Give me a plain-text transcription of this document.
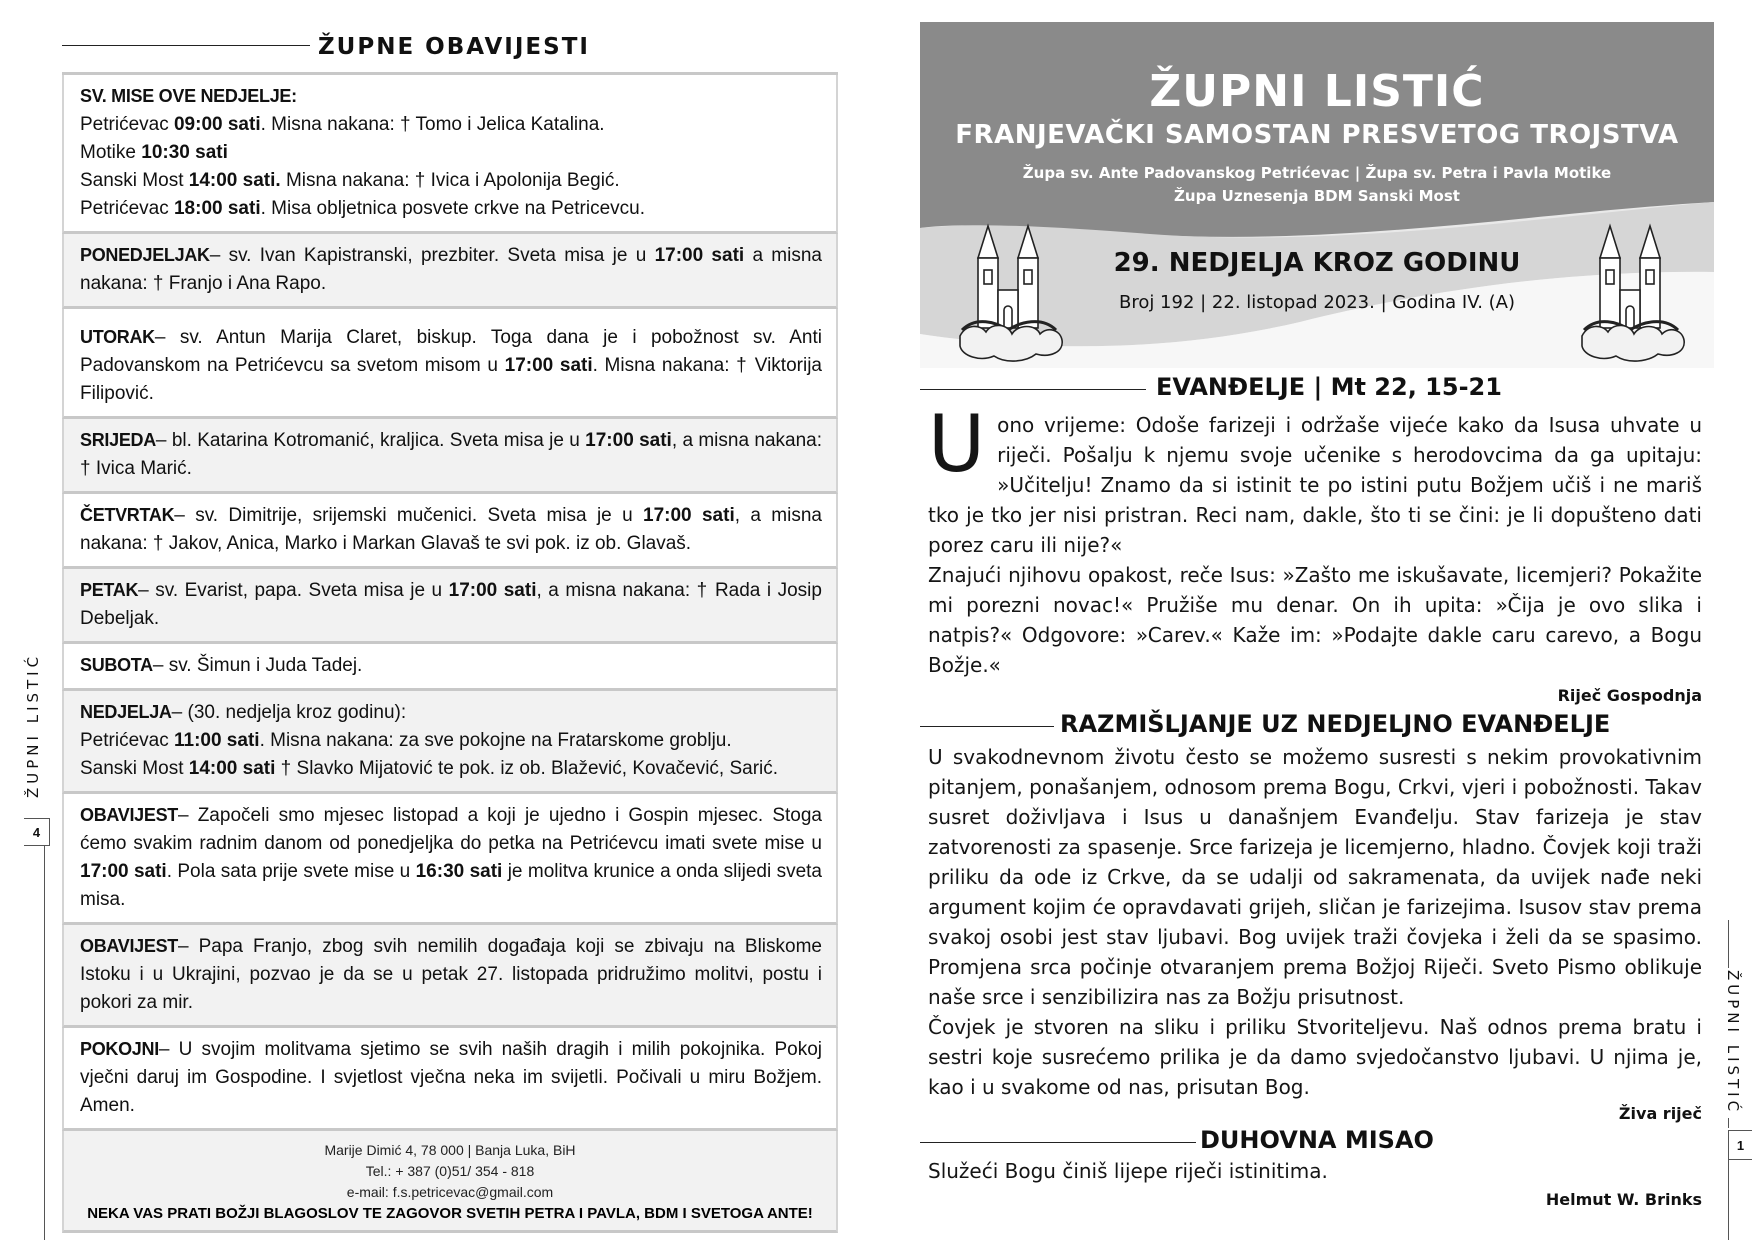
ŽUPNE OBAVIJESTI
SV. MISE OVE NEDJELJE:
Petrićevac 09:00 sati. Misna nakana: † Tomo i Jelica Katalina.
Motike 10:30 sati
Sanski Most 14:00 sati. Misna nakana: † Ivica i Apolonija Begić.
Petrićevac 18:00 sati. Misa obljetnica posvete crkve na Petricevcu.
PONEDJELJAK– sv. Ivan Kapistranski, prezbiter. Sveta misa je u 17:00 sati a misna nakana: † Franjo i Ana Rapo.
UTORAK– sv. Antun Marija Claret, biskup. Toga dana je i pobožnost sv. Anti Padovanskom na Petrićevcu sa svetom misom u 17:00 sati. Misna nakana: † Viktorija Filipović.
SRIJEDA– bl. Katarina Kotromanić, kraljica. Sveta misa je u 17:00 sati, a misna nakana: † Ivica Marić.
ČETVRTAK– sv. Dimitrije, srijemski mučenici. Sveta misa je u 17:00 sati, a misna nakana: † Jakov, Anica, Marko i Markan Glavaš te svi pok. iz ob. Glavaš.
PETAK– sv. Evarist, papa. Sveta misa je u 17:00 sati, a misna nakana: † Rada i Josip Debeljak.
SUBOTA– sv. Šimun i Juda Tadej.
NEDJELJA– (30. nedjelja kroz godinu):
Petrićevac 11:00 sati. Misna nakana: za sve pokojne na Fratarskome groblju.
Sanski Most 14:00 sati † Slavko Mijatović te pok. iz ob. Blažević, Kovačević, Sarić.
OBAVIJEST– Započeli smo mjesec listopad a koji je ujedno i Gospin mjesec. Stoga ćemo svakim radnim danom od ponedjeljka do petka na Petrićevcu imati svete mise u 17:00 sati. Pola sata prije svete mise u 16:30 sati je molitva krunice a onda slijedi sveta misa.
OBAVIJEST– Papa Franjo, zbog svih nemilih događaja koji se zbivaju na Bliskome Istoku i u Ukrajini, pozvao je da se u petak 27. listopada pridružimo molitvi, postu i pokori za mir.
POKOJNI– U svojim molitvama sjetimo se svih naših dragih i milih pokojnika. Pokoj vječni daruj im Gospodine. I svjetlost vječna neka im svijetli. Počivali u miru Božjem. Amen.
Marije Dimić 4, 78 000 | Banja Luka, BiH
Tel.: + 387 (0)51/ 354 - 818
e-mail: f.s.petricevac@gmail.com
NEKA VAS PRATI BOŽJI BLAGOSLOV TE ZAGOVOR SVETIH PETRA I PAVLA, BDM I SVETOGA ANTE!
ŽUPNI LISTIĆ
4
ŽUPNI LISTIĆ
FRANJEVAČKI SAMOSTAN PRESVETOG TROJSTVA
Župa sv. Ante Padovanskog Petrićevac | Župa sv. Petra i Pavla Motike
Župa Uznesenja BDM Sanski Most
29. NEDJELJA KROZ GODINU
Broj 192 | 22. listopad 2023. | Godina IV. (A)
EVANĐELJE | Mt 22, 15-21

U ono vrijeme: Odoše farizeji i održaše vijeće kako da Isusa uhvate u riječi. Pošalju k njemu svoje učenike s herodovcima da ga upitaju: »Učitelju! Znamo da si istinit te po istini putu Božjem učiš i ne mariš tko je tko jer nisi pristran. Reci nam, dakle, što ti se čini: je li dopušteno dati porez caru ili nije?«

Znajući njihovu opakost, reče Isus: »Zašto me iskušavate, licemjeri? Pokažite mi porezni novac!« Pružiše mu denar. On ih upita: »Čija je ovo slika i natpis?« Odgovore: »Carev.« Kaže im: »Podajte dakle caru carevo, a Bogu Božje.«

Riječ Gospodnja
RAZMIŠLJANJE UZ NEDJELJNO EVANĐELJE

U svakodnevnom životu često se možemo susresti s nekim provokativnim pitanjem, ponašanjem, odnosom prema Bogu, Crkvi, vjeri i pobožnosti. Takav susret doživljava i Isus u današnjem Evanđelju. Stav farizeja je stav zatvorenosti za spasenje. Srce farizeja je licemjerno, hladno. Čovjek koji traži priliku da ode iz Crkve, da se udalji od sakramenata, da uvijek nađe neki argument kojim će opravdavati grijeh, sličan je farizejima. Isusov stav prema svakoj osobi jest stav ljubavi. Bog uvijek traži čovjeka i želi da se spasimo. Promjena srca počinje otvaranjem prema Božjoj Riječi. Sveto Pismo oblikuje naše srce i senzibilizira nas za Božju prisutnost.

Čovjek je stvoren na sliku i priliku Stvoriteljevu. Naš odnos prema bratu i sestri koje susrećemo prilika je da damo svjedočanstvo ljubavi. U njima je, kao i u svakome od nas, prisutan Bog.

Živa riječ
DUHOVNA MISAO
Služeći Bogu činiš lijepe riječi istinitima.
Helmut W. Brinks
ŽUPNI LISTIĆ
1
